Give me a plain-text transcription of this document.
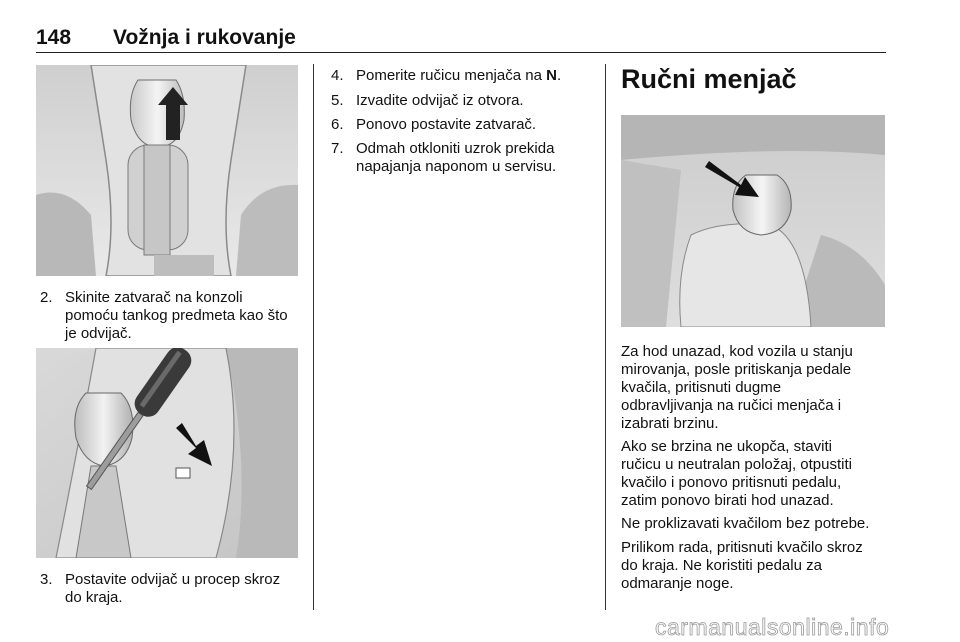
148 Vožnja i rukovanje
2. Skinite zatvarač na konzoli
pomoću tankog predmeta kao što
je odvijač.
3. Postavite odvijač u procep skroz
do kraja.
4. Pomerite ručicu menjača na N.
5. Izvadite odvijač iz otvora.
6. Ponovo postavite zatvarač.
7. Odmah otkloniti uzrok prekida
napajanja naponom u servisu.
Ručni menjač
Za hod unazad, kod vozila u stanju
mirovanja, posle pritiskanja pedale
kvačila, pritisnuti dugme
odbravljivanja na ručici menjača i
izabrati brzinu.
Ako se brzina ne ukopča, staviti
ručicu u neutralan položaj, otpustiti
kvačilo i ponovo pritisnuti pedalu,
zatim ponovo birati hod unazad.
Ne proklizavati kvačilom bez potrebe.
Prilikom rada, pritisnuti kvačilo skroz
do kraja. Ne koristiti pedalu za
odmaranje noge.
carmanualsonline.info
